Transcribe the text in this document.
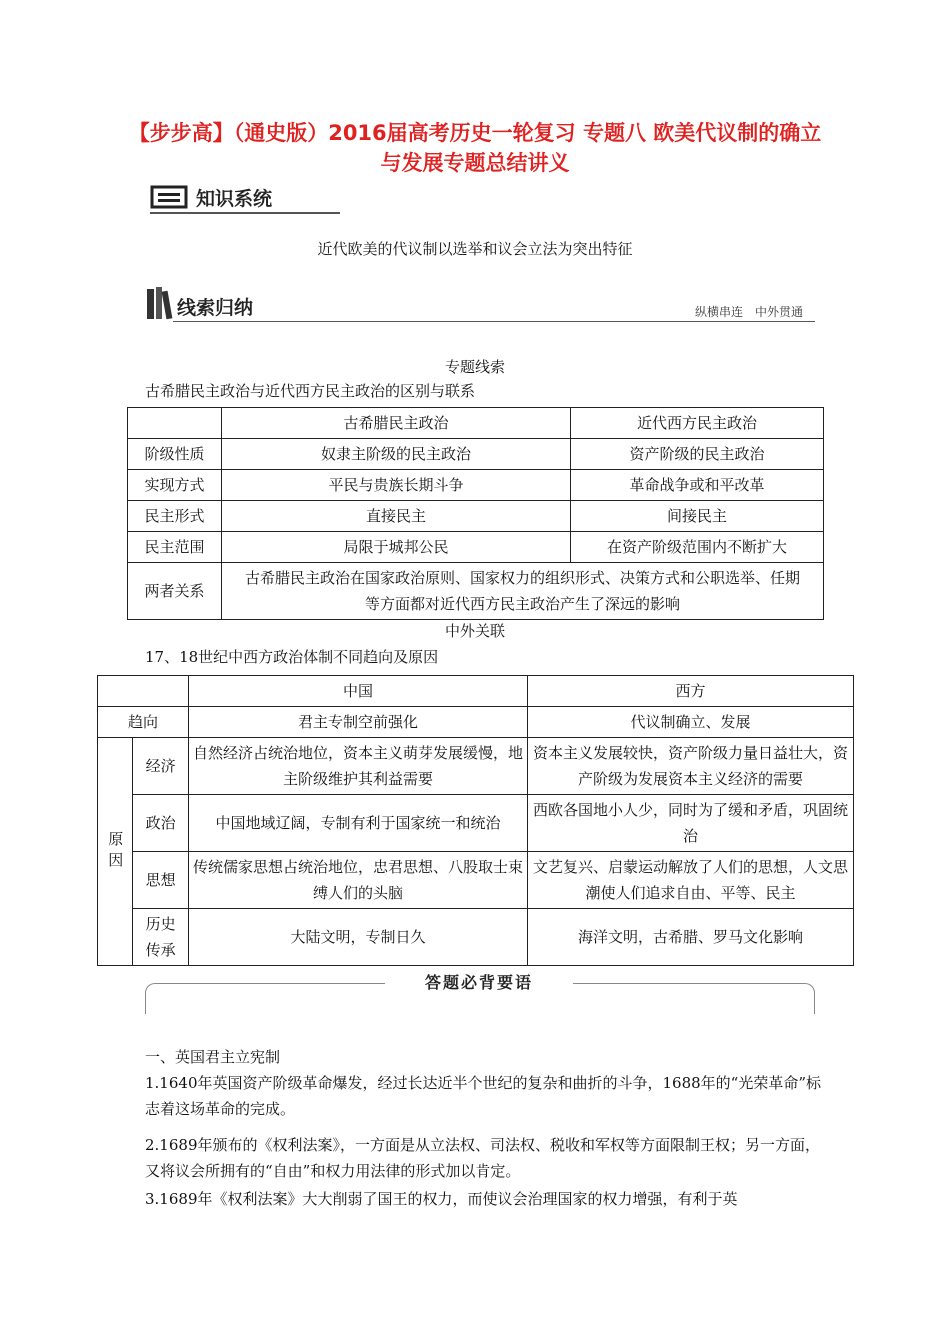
【步步高】（通史版）2016届高考历史一轮复习 专题八 欧美代议制的确立与发展专题总结讲义
知识系统
近代欧美的代议制以选举和议会立法为突出特征
线索归纳	纵横串连　中外贯通
专题线索
古希腊民主政治与近代西方民主政治的区别与联系
	古希腊民主政治	近代西方民主政治
阶级性质	奴隶主阶级的民主政治	资产阶级的民主政治
实现方式	平民与贵族长期斗争	革命战争或和平改革
民主形式	直接民主	间接民主
民主范围	局限于城邦公民	在资产阶级范围内不断扩大
两者关系	古希腊民主政治在国家政治原则、国家权力的组织形式、决策方式和公职选举、任期等方面都对近代西方民主政治产生了深远的影响	
中外关联
17、18世纪中西方政治体制不同趋向及原因
		中国	西方
趋向		君主专制空前强化	代议制确立、发展
原因	经济	自然经济占统治地位，资本主义萌芽发展缓慢，地主阶级维护其利益需要	资本主义发展较快，资产阶级力量日益壮大，资产阶级为发展资本主义经济的需要
	政治	中国地域辽阔，专制有利于国家统一和统治	西欧各国地小人少，同时为了缓和矛盾，巩固统治
	思想	传统儒家思想占统治地位，忠君思想、八股取士束缚人们的头脑	文艺复兴、启蒙运动解放了人们的思想，人文思潮使人们追求自由、平等、民主
	历史传承	大陆文明，专制日久	海洋文明，古希腊、罗马文化影响
答题必背要语
一、英国君主立宪制
1.1640年英国资产阶级革命爆发，经过长达近半个世纪的复杂和曲折的斗争，1688年的“光荣革命”标志着这场革命的完成。
2.1689年颁布的《权利法案》，一方面是从立法权、司法权、税收和军权等方面限制王权；另一方面，又将议会所拥有的“自由”和权力用法律的形式加以肯定。
3.1689年《权利法案》大大削弱了国王的权力，而使议会治理国家的权力增强，有利于英
